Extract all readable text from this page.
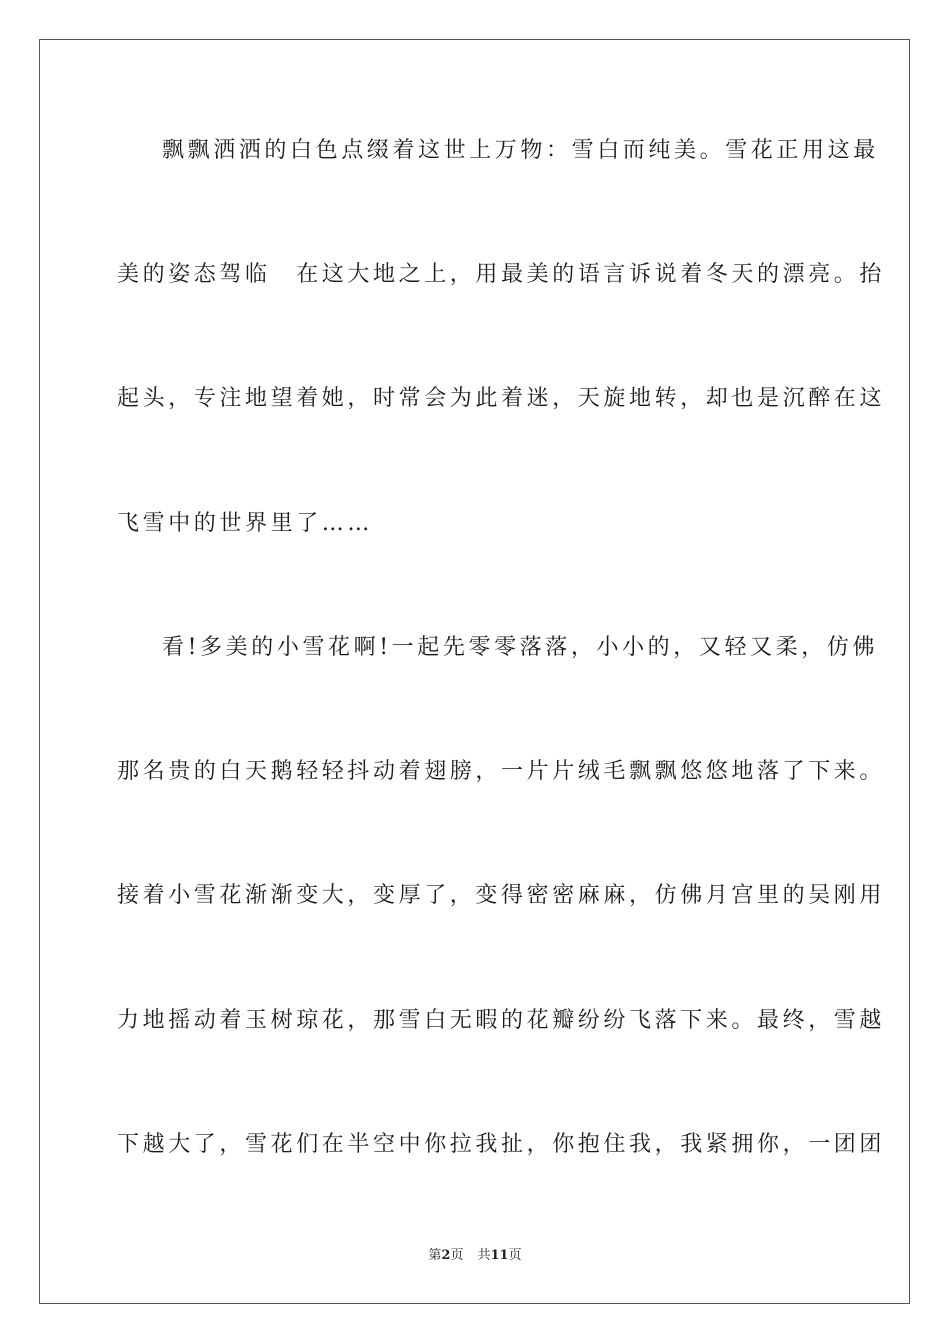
飘飘洒洒的白色点缀着这世上万物：雪白而纯美。雪花正用这最
美的姿态驾临　在这大地之上，用最美的语言诉说着冬天的漂亮。抬
起头，专注地望着她，时常会为此着迷，天旋地转，却也是沉醉在这
飞雪中的世界里了……
看!多美的小雪花啊!一起先零零落落，小小的，又轻又柔，仿佛
那名贵的白天鹅轻轻抖动着翅膀，一片片绒毛飘飘悠悠地落了下来。
接着小雪花渐渐变大，变厚了，变得密密麻麻，仿佛月宫里的吴刚用
力地摇动着玉树琼花，那雪白无暇的花瓣纷纷飞落下来。最终，雪越
下越大了，雪花们在半空中你拉我扯，你抱住我，我紧拥你，一团团
第2页 共11页
